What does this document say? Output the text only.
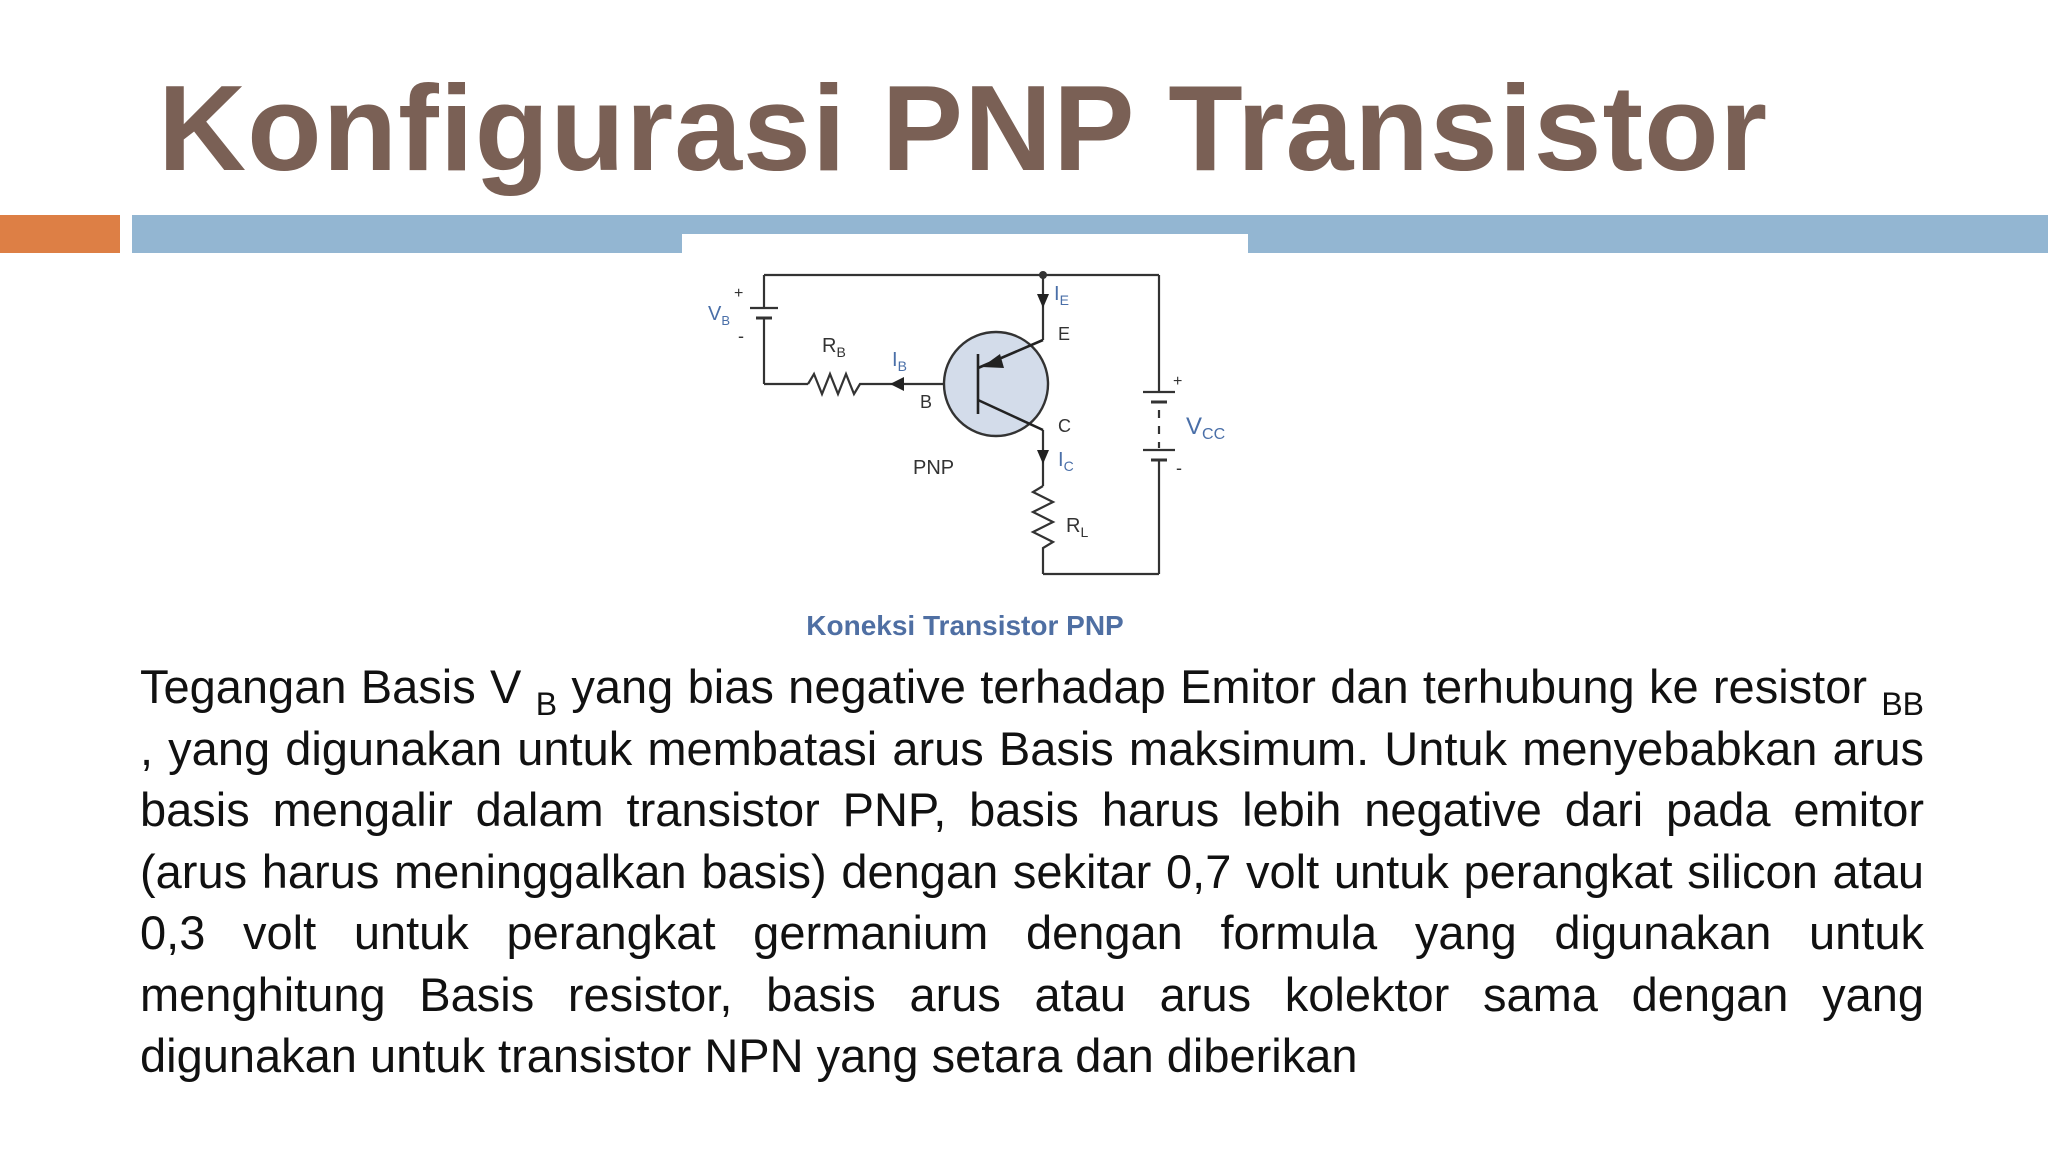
Konfigurasi PNP Transistor
$V_B$
$I_B$
$I_E$
$I_C$
$V_{CC}$
+
-	$R_B$
B
E
C
PNP
$R_L$
+
-

Koneksi Transistor PNP

Tegangan Basis V $_B$ yang bias negative terhadap Emitor dan terhubung ke resistor $_{BB}$ , yang digunakan untuk membatasi arus Basis maksimum. Untuk menyebabkan arus basis mengalir dalam transistor PNP, basis harus lebih negative dari pada emitor (arus harus meninggalkan basis) dengan sekitar 0,7 volt untuk perangkat silicon atau 0,3 volt untuk perangkat germanium dengan formula yang digunakan untuk menghitung Basis resistor, basis arus atau arus kolektor sama dengan yang digunakan untuk transistor NPN yang setara dan diberikan
